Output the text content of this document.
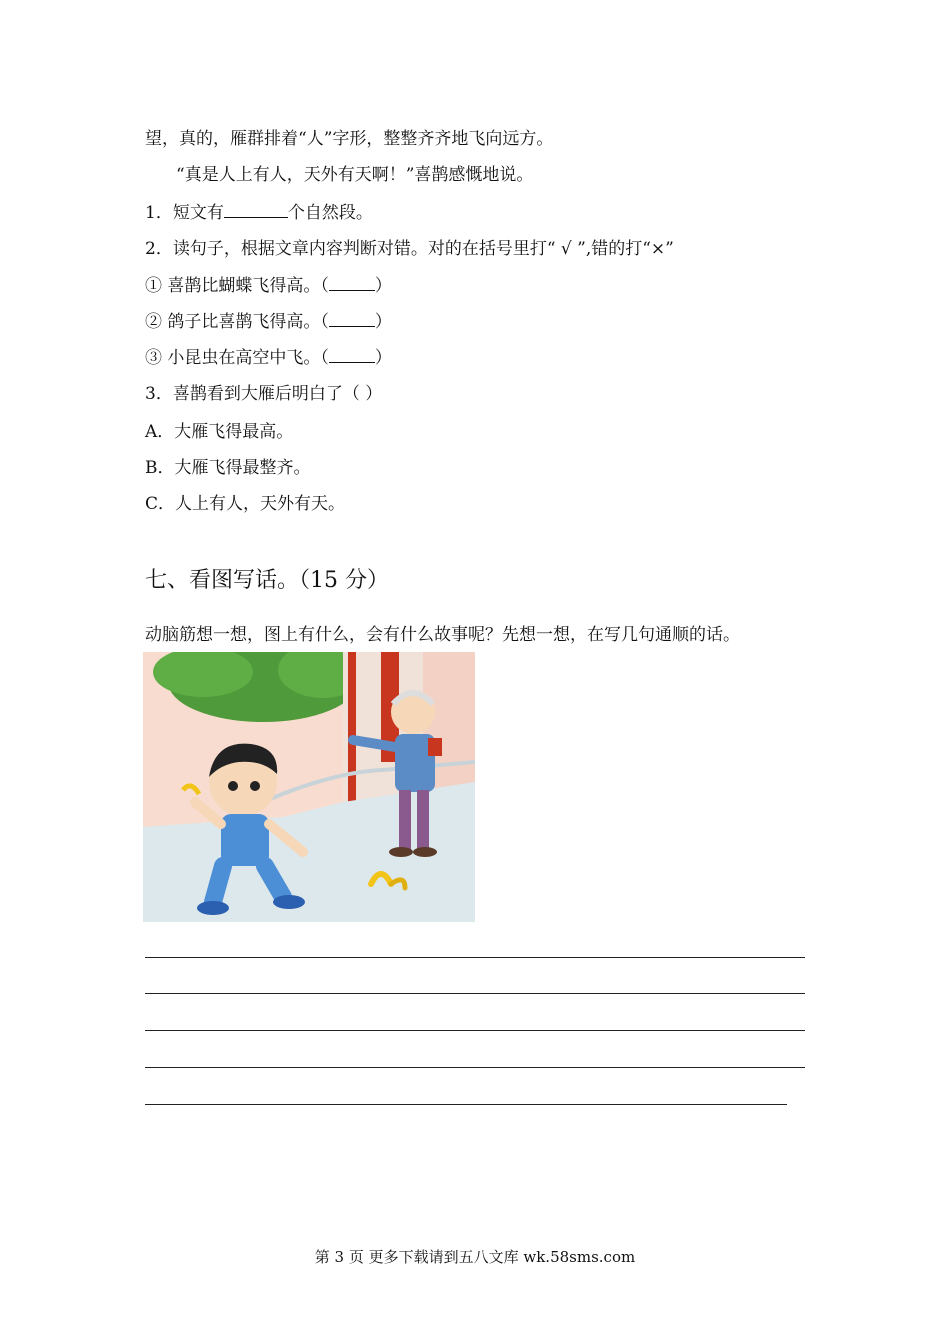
望，真的，雁群排着“人”字形，整整齐齐地飞向远方。
“真是人上有人，天外有天啊！”喜鹊感慨地说。
1．短文有	个自然段。
2．读句子，根据文章内容判断对错。对的在括号里打“ √ ”,错的打“×”
① 喜鹊比蝴蝶飞得高。（	）
② 鸽子比喜鹊飞得高。（	）
③ 小昆虫在高空中飞。（	）
3．喜鹊看到大雁后明白了（ ）
A．大雁飞得最高。
B．大雁飞得最整齐。
C．人上有人，天外有天。
七、看图写话。（15 分）
动脑筋想一想，图上有什么，会有什么故事呢？先想一想，在写几句通顺的话。
第 3 页 更多下载请到五八文库 wk.58sms.com
